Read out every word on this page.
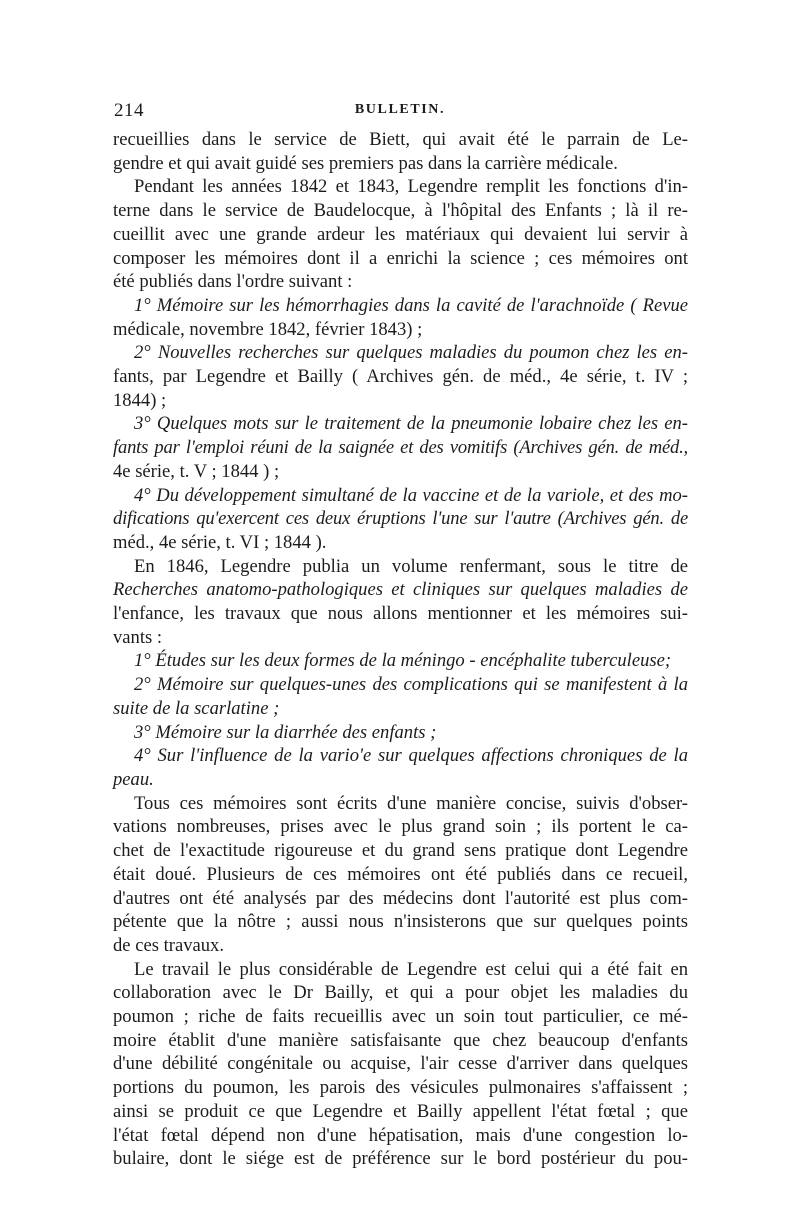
214	BULLETIN.

recueillies dans le service de Biett, qui avait été le parrain de Le-
gendre et qui avait guidé ses premiers pas dans la carrière médicale.

Pendant les années 1842 et 1843, Legendre remplit les fonctions d'in-
terne dans le service de Baudelocque, à l'hôpital des Enfants ; là il re-
cueillit avec une grande ardeur les matériaux qui devaient lui servir à
composer les mémoires dont il a enrichi la science ; ces mémoires ont
été publiés dans l'ordre suivant :

1° Mémoire sur les hémorrhagies dans la cavité de l'arachnoïde ( Revue
médicale, novembre 1842, février 1843) ;

2° Nouvelles recherches sur quelques maladies du poumon chez les en-
fants, par Legendre et Bailly ( Archives gén. de méd., 4e série, t. IV ;
1844) ;

3° Quelques mots sur le traitement de la pneumonie lobaire chez les en-
fants par l'emploi réuni de la saignée et des vomitifs (Archives gén. de méd.,
4e série, t. V ; 1844 ) ;

4° Du développement simultané de la vaccine et de la variole, et des mo-
difications qu'exercent ces deux éruptions l'une sur l'autre (Archives gén. de
méd., 4e série, t. VI ; 1844 ).

En 1846, Legendre publia un volume renfermant, sous le titre de
Recherches anatomo-pathologiques et cliniques sur quelques maladies de
l'enfance, les travaux que nous allons mentionner et les mémoires sui-
vants :

1° Études sur les deux formes de la méningo - encéphalite tuberculeuse;

2° Mémoire sur quelques-unes des complications qui se manifestent à la
suite de la scarlatine ;

3° Mémoire sur la diarrhée des enfants ;

4° Sur l'influence de la vario'e sur quelques affections chroniques de la
peau.

Tous ces mémoires sont écrits d'une manière concise, suivis d'obser-
vations nombreuses, prises avec le plus grand soin ; ils portent le ca-
chet de l'exactitude rigoureuse et du grand sens pratique dont Legendre
était doué. Plusieurs de ces mémoires ont été publiés dans ce recueil,
d'autres ont été analysés par des médecins dont l'autorité est plus com-
pétente que la nôtre ; aussi nous n'insisterons que sur quelques points
de ces travaux.

Le travail le plus considérable de Legendre est celui qui a été fait en
collaboration avec le Dr Bailly, et qui a pour objet les maladies du
poumon ; riche de faits recueillis avec un soin tout particulier, ce mé-
moire établit d'une manière satisfaisante que chez beaucoup d'enfants
d'une débilité congénitale ou acquise, l'air cesse d'arriver dans quelques
portions du poumon, les parois des vésicules pulmonaires s'affaissent ;
ainsi se produit ce que Legendre et Bailly appellent l'état fœtal ; que
l'état fœtal dépend non d'une hépatisation, mais d'une congestion lo-
bulaire, dont le siége est de préférence sur le bord postérieur du pou-
